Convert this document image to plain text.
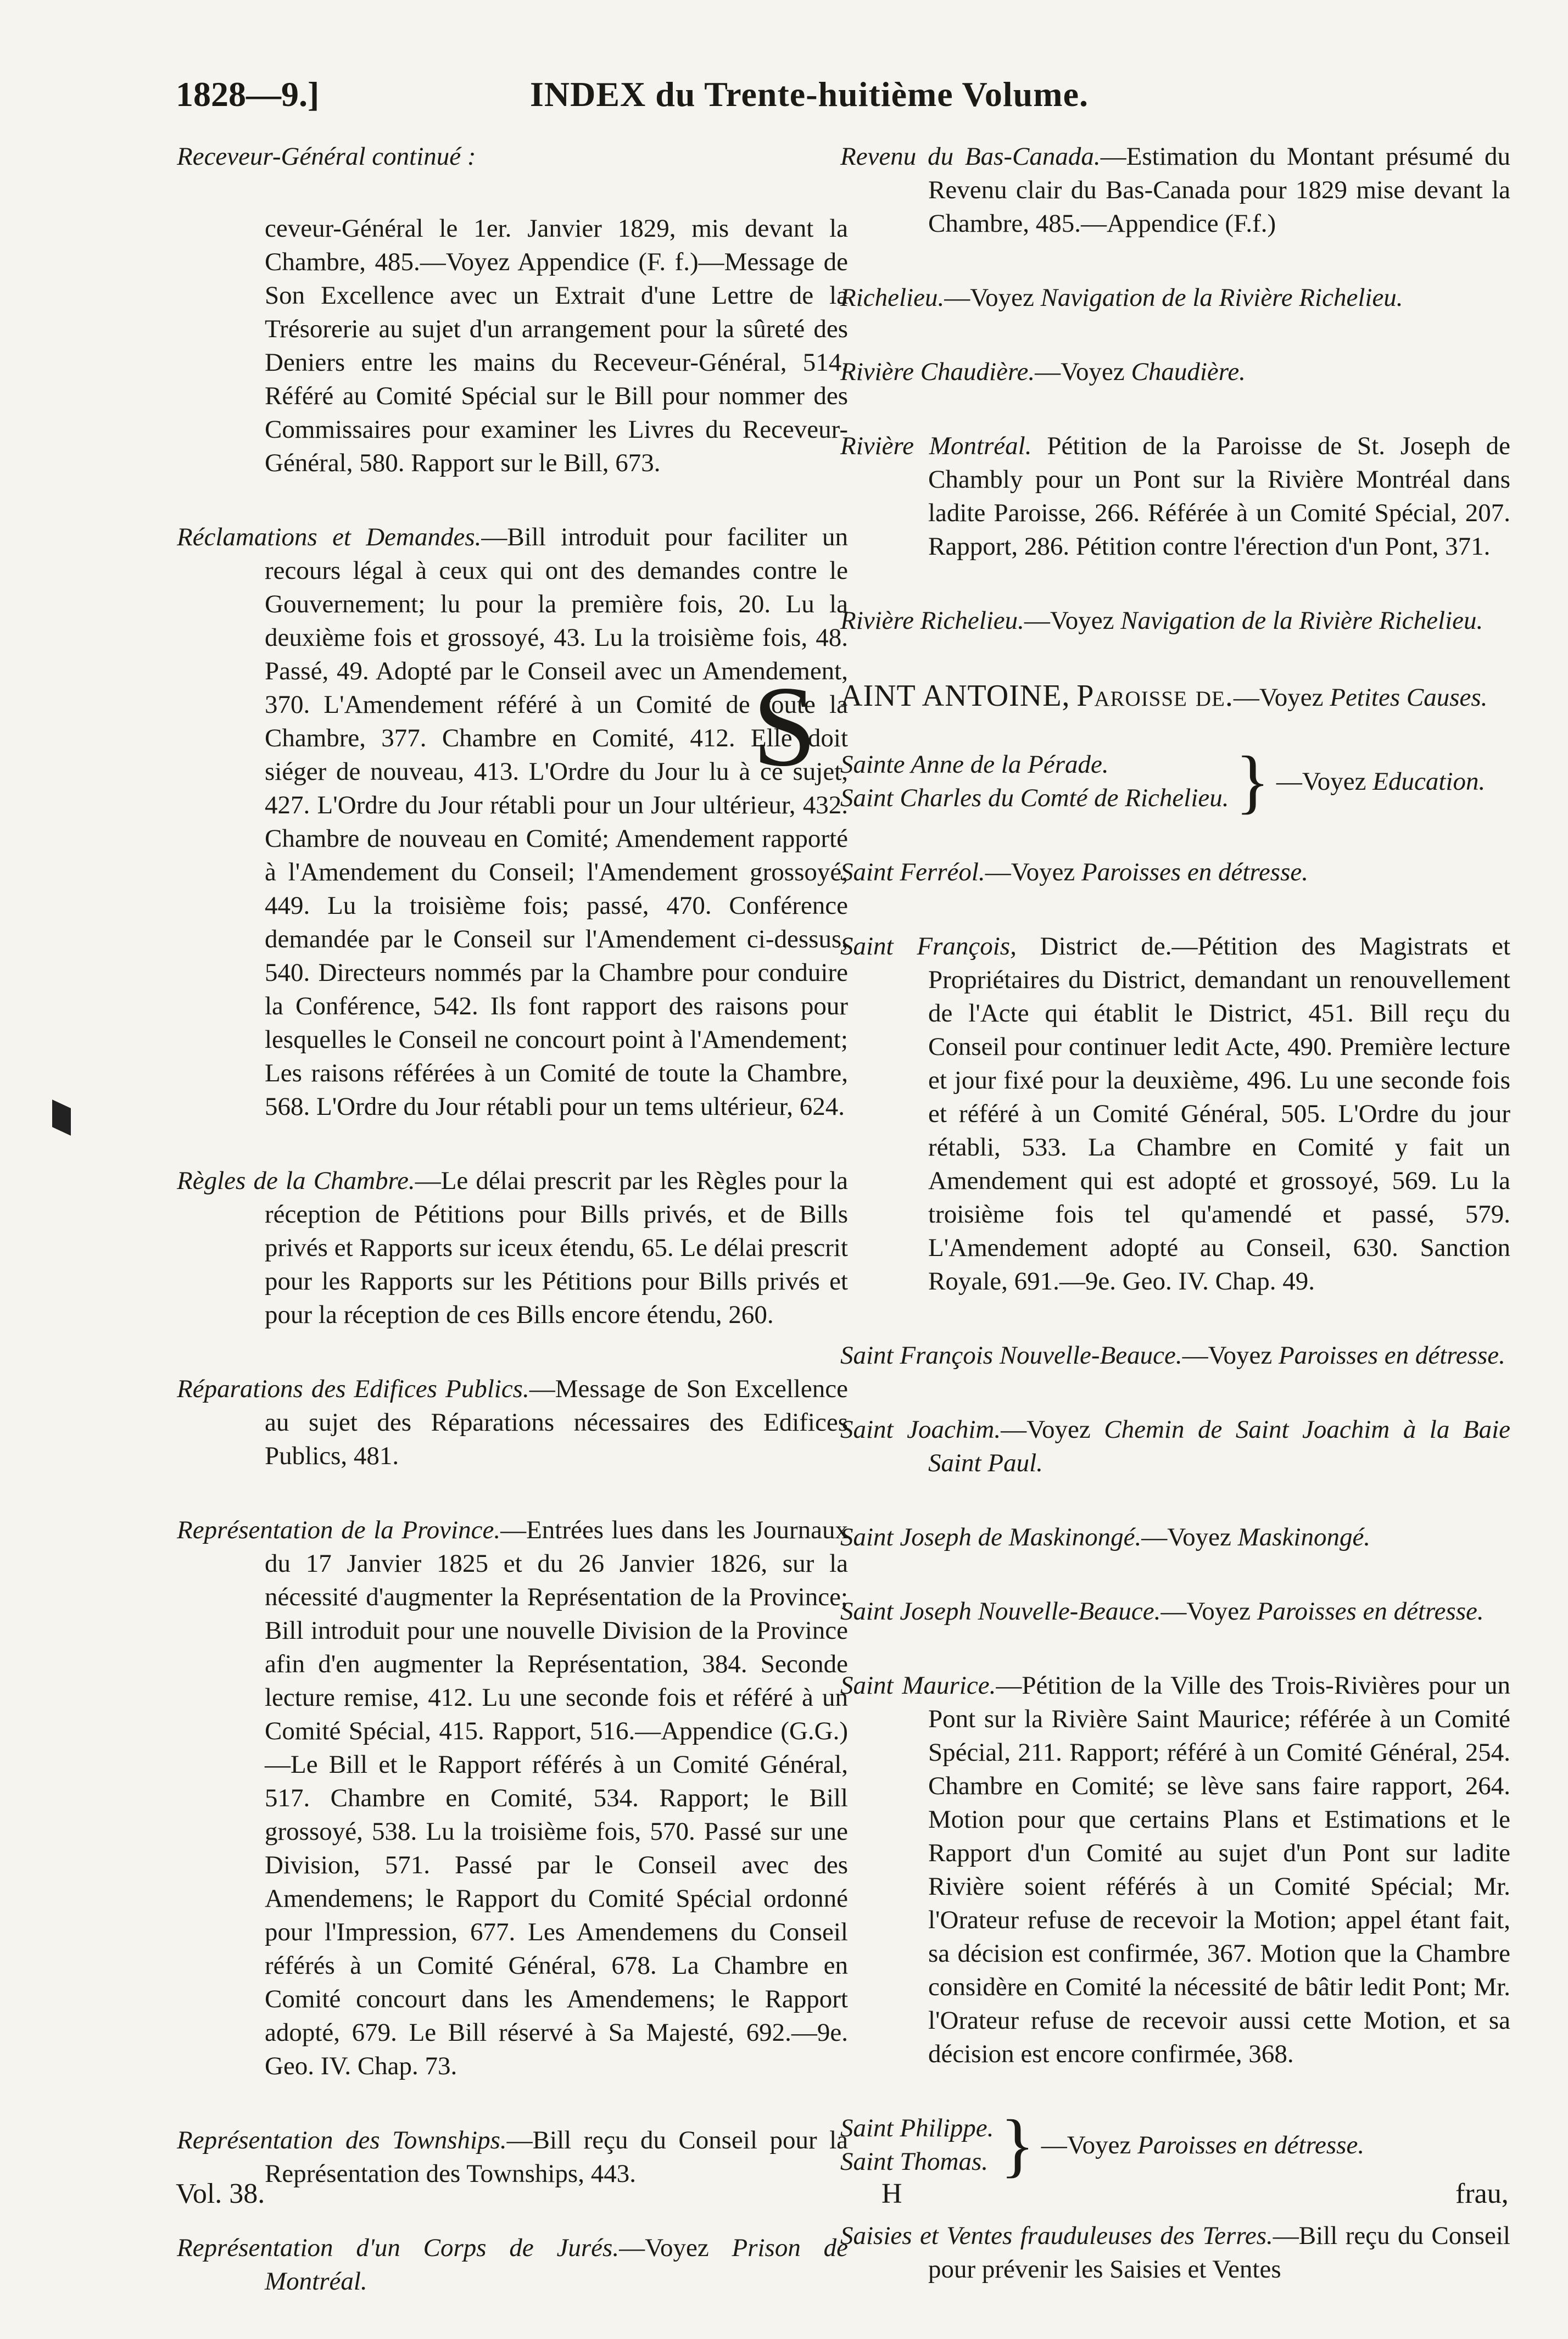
1828—9.]	INDEX du Trente-huitième Volume.
Receveur-Général continué :
ceveur-Général le 1er. Janvier 1829, mis devant la Chambre, 485.—Voyez Appendice (F. f.)—Message de Son Excellence avec un Extrait d'une Lettre de la Trésorerie au sujet d'un arrangement pour la sûreté des Deniers entre les mains du Receveur-Général, 514. Référé au Comité Spécial sur le Bill pour nommer des Commissaires pour examiner les Livres du Receveur-Général, 580. Rapport sur le Bill, 673.
Réclamations et Demandes.—Bill introduit pour faciliter un recours légal à ceux qui ont des demandes contre le Gouvernement; lu pour la première fois, 20. Lu la deuxième fois et grossoyé, 43. Lu la troisième fois, 48. Passé, 49. Adopté par le Conseil avec un Amendement, 370. L'Amendement référé à un Comité de toute la Chambre, 377. Chambre en Comité, 412. Elle doit siéger de nouveau, 413. L'Ordre du Jour lu à ce sujet, 427. L'Ordre du Jour rétabli pour un Jour ultérieur, 432. Chambre de nouveau en Comité; Amendement rapporté à l'Amendement du Conseil; l'Amendement grossoyé, 449. Lu la troisième fois; passé, 470. Conférence demandée par le Conseil sur l'Amendement ci-dessus, 540. Directeurs nommés par la Chambre pour conduire la Conférence, 542. Ils font rapport des raisons pour lesquelles le Conseil ne concourt point à l'Amendement; Les raisons référées à un Comité de toute la Chambre, 568. L'Ordre du Jour rétabli pour un tems ultérieur, 624.
Règles de la Chambre.—Le délai prescrit par les Règles pour la réception de Pétitions pour Bills privés, et de Bills privés et Rapports sur iceux étendu, 65. Le délai prescrit pour les Rapports sur les Pétitions pour Bills privés et pour la réception de ces Bills encore étendu, 260.
Réparations des Edifices Publics.—Message de Son Excellence au sujet des Réparations nécessaires des Edifices Publics, 481.
Représentation de la Province.—Entrées lues dans les Journaux du 17 Janvier 1825 et du 26 Janvier 1826, sur la nécessité d'augmenter la Représentation de la Province; Bill introduit pour une nouvelle Division de la Province afin d'en augmenter la Représentation, 384. Seconde lecture remise, 412. Lu une seconde fois et référé à un Comité Spécial, 415. Rapport, 516.—Appendice (G.G.)—Le Bill et le Rapport référés à un Comité Général, 517. Chambre en Comité, 534. Rapport; le Bill grossoyé, 538. Lu la troisième fois, 570. Passé sur une Division, 571. Passé par le Conseil avec des Amendemens; le Rapport du Comité Spécial ordonné pour l'Impression, 677. Les Amendemens du Conseil référés à un Comité Général, 678. La Chambre en Comité concourt dans les Amendemens; le Rapport adopté, 679. Le Bill réservé à Sa Majesté, 692.—9e. Geo. IV. Chap. 73.
Représentation des Townships.—Bill reçu du Conseil pour la Représentation des Townships, 443.
Représentation d'un Corps de Jurés.—Voyez Prison de Montréal.
Revenu du Bas-Canada.—Estimation du Montant présumé du Revenu clair du Bas-Canada pour 1829 mise devant la Chambre, 485.—Appendice (F.f.)
Richelieu.—Voyez Navigation de la Rivière Richelieu.
Rivière Chaudière.—Voyez Chaudière.
Rivière Montréal. Pétition de la Paroisse de St. Joseph de Chambly pour un Pont sur la Rivière Montréal dans ladite Paroisse, 266. Référée à un Comité Spécial, 207. Rapport, 286. Pétition contre l'érection d'un Pont, 371.
Rivière Richelieu.—Voyez Navigation de la Rivière Richelieu.
SAINT ANTOINE, Paroisse de.—Voyez Petites Causes.
Sainte Anne de la Pérade.
Saint Charles du Comté de Richelieu. } —Voyez Education.
Saint Ferréol.—Voyez Paroisses en détresse.
Saint François, District de.—Pétition des Magistrats et Propriétaires du District, demandant un renouvellement de l'Acte qui établit le District, 451. Bill reçu du Conseil pour continuer ledit Acte, 490. Première lecture et jour fixé pour la deuxième, 496. Lu une seconde fois et référé à un Comité Général, 505. L'Ordre du jour rétabli, 533. La Chambre en Comité y fait un Amendement qui est adopté et grossoyé, 569. Lu la troisième fois tel qu'amendé et passé, 579. L'Amendement adopté au Conseil, 630. Sanction Royale, 691.—9e. Geo. IV. Chap. 49.
Saint François Nouvelle-Beauce.—Voyez Paroisses en détresse.
Saint Joachim.—Voyez Chemin de Saint Joachim à la Baie Saint Paul.
Saint Joseph de Maskinongé.—Voyez Maskinongé.
Saint Joseph Nouvelle-Beauce.—Voyez Paroisses en détresse.
Saint Maurice.—Pétition de la Ville des Trois-Rivières pour un Pont sur la Rivière Saint Maurice; référée à un Comité Spécial, 211. Rapport; référé à un Comité Général, 254. Chambre en Comité; se lève sans faire rapport, 264. Motion pour que certains Plans et Estimations et le Rapport d'un Comité au sujet d'un Pont sur ladite Rivière soient référés à un Comité Spécial; Mr. l'Orateur refuse de recevoir la Motion; appel étant fait, sa décision est confirmée, 367. Motion que la Chambre considère en Comité la nécessité de bâtir ledit Pont; Mr. l'Orateur refuse de recevoir aussi cette Motion, et sa décision est encore confirmée, 368.
Saint Philippe.
Saint Thomas. } —Voyez Paroisses en détresse.
Saisies et Ventes frauduleuses des Terres.—Bill reçu du Conseil pour prévenir les Saisies et Ventes
Vol. 38.	H	frau,
